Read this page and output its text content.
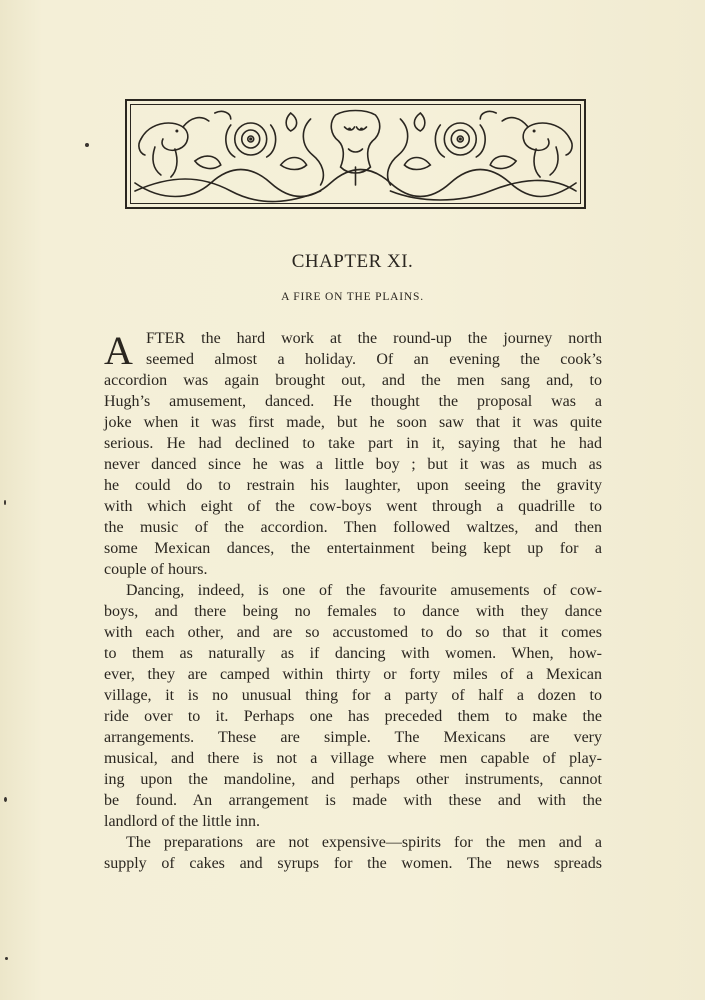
CHAPTER XI.
A FIRE ON THE PLAINS.
A FTER the hard work at the round-up the journey north
seemed almost a holiday. Of an evening the cook’s
accordion was again brought out, and the men sang and, to
Hugh’s amusement, danced. He thought the proposal was a
joke when it was first made, but he soon saw that it was quite
serious. He had declined to take part in it, saying that he had
never danced since he was a little boy ; but it was as much as
he could do to restrain his laughter, upon seeing the gravity
with which eight of the cow-boys went through a quadrille to
the music of the accordion. Then followed waltzes, and then
some Mexican dances, the entertainment being kept up for a
couple of hours.
Dancing, indeed, is one of the favourite amusements of cow-
boys, and there being no females to dance with they dance
with each other, and are so accustomed to do so that it comes
to them as naturally as if dancing with women. When, how-
ever, they are camped within thirty or forty miles of a Mexican
village, it is no unusual thing for a party of half a dozen to
ride over to it. Perhaps one has preceded them to make the
arrangements. These are simple. The Mexicans are very
musical, and there is not a village where men capable of play-
ing upon the mandoline, and perhaps other instruments, cannot
be found. An arrangement is made with these and with the
landlord of the little inn.
The preparations are not expensive—spirits for the men and a
supply of cakes and syrups for the women. The news spreads
